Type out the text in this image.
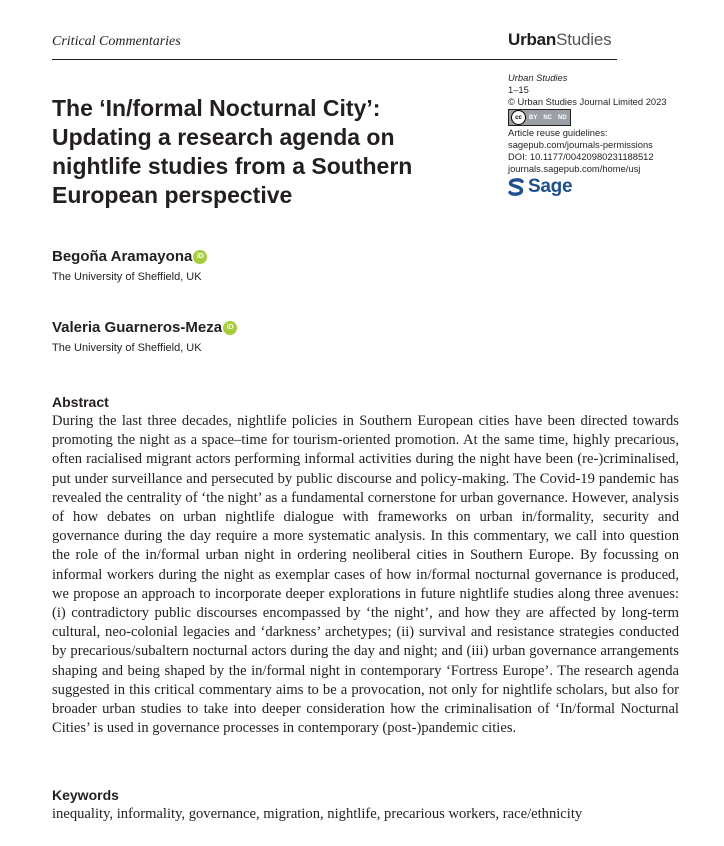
Critical Commentaries	UrbanStudies
Urban Studies
1–15
© Urban Studies Journal Limited 2023
cc	BY	NC	ND
Article reuse guidelines:
sagepub.com/journals-permissions
DOI: 10.1177/00420980231188512
journals.sagepub.com/home/usj
Sage
The ‘In/formal Nocturnal City’: Updating a research agenda on nightlife studies from a Southern European perspective
Begoña Aramayona iD
The University of Sheffield, UK
Valeria Guarneros-Meza iD
The University of Sheffield, UK
Abstract
During the last three decades, nightlife policies in Southern European cities have been directed towards promoting the night as a space–time for tourism-oriented promotion. At the same time, highly precarious, often racialised migrant actors performing informal activities during the night have been (re-)criminalised, put under surveillance and persecuted by public discourse and policy-making. The Covid-19 pandemic has revealed the centrality of ‘the night’ as a fundamental cornerstone for urban governance. However, analysis of how debates on urban nightlife dialogue with frameworks on urban in/formality, security and governance during the day require a more systematic analysis. In this commentary, we call into question the role of the in/formal urban night in ordering neoliberal cities in Southern Europe. By focussing on informal workers during the night as exemplar cases of how in/formal nocturnal governance is produced, we propose an approach to incorporate deeper explorations in future nightlife studies along three avenues: (i) contradictory public discourses encompassed by ‘the night’, and how they are affected by long-term cultural, neo-colonial legacies and ‘darkness’ archetypes; (ii) survival and resistance strategies conducted by precarious/subaltern nocturnal actors during the day and night; and (iii) urban governance arrangements shaping and being shaped by the in/formal night in contemporary ‘Fortress Europe’. The research agenda suggested in this critical commentary aims to be a provocation, not only for nightlife scholars, but also for broader urban studies to take into deeper consideration how the criminalisation of ‘In/formal Nocturnal Cities’ is used in governance processes in contemporary (post-)pandemic cities.
Keywords
inequality, informality, governance, migration, nightlife, precarious workers, race/ethnicity
